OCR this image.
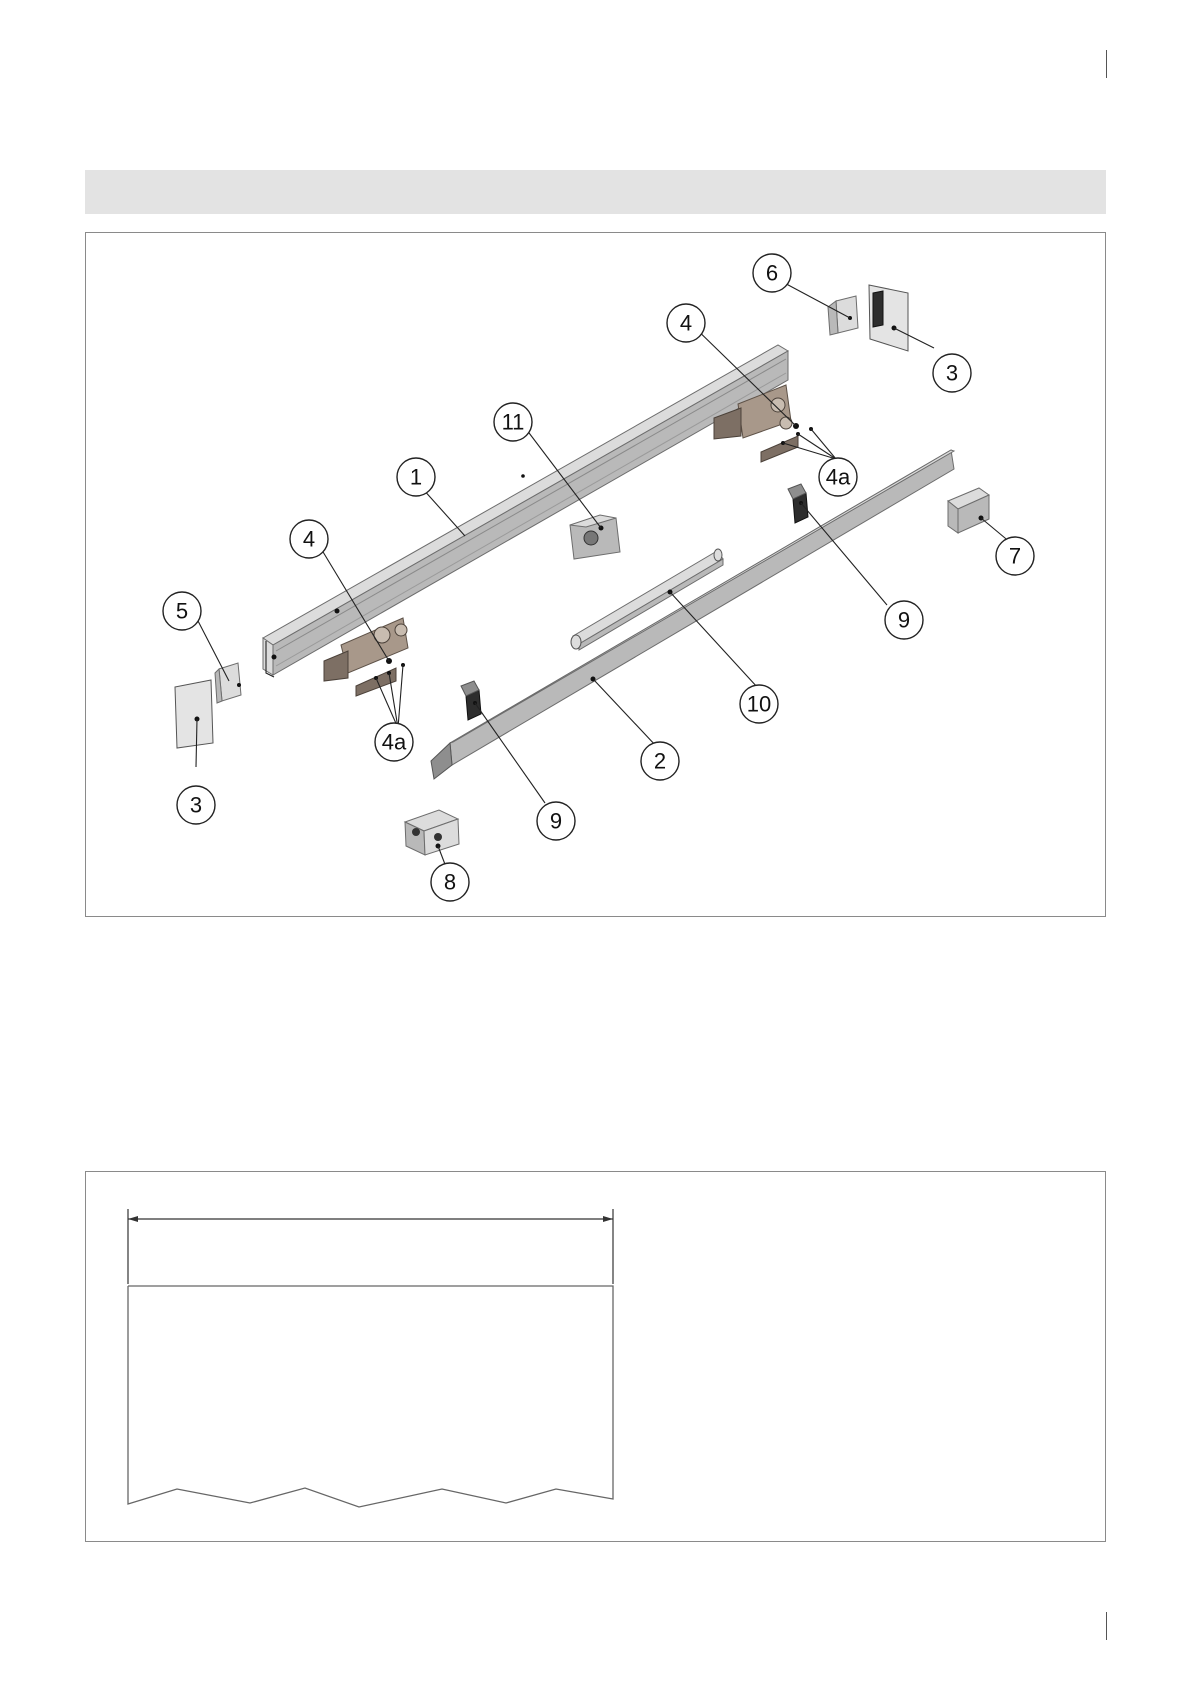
1
2
3
3
4
4
4a
4a
5
6
7
8
9
9
10
11
